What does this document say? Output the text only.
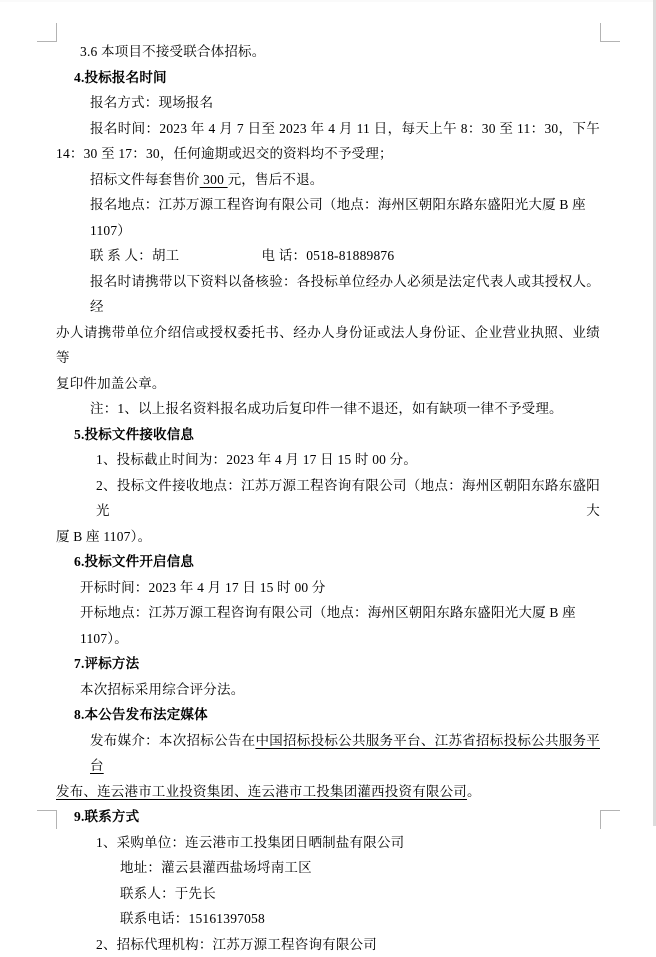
3.6 本项目不接受联合体招标。
4.投标报名时间
报名方式：现场报名
报名时间：2023 年 4 月 7 日至 2023 年 4 月 11 日，每天上午 8：30 至 11：30，下午
14：30 至 17：30，任何逾期或迟交的资料均不予受理；
招标文件每套售价 300 元，售后不退。
报名地点：江苏万源工程咨询有限公司（地点：海州区朝阳东路东盛阳光大厦 B 座 1107）
联 系 人：胡工　　　　　　电 话：0518-81889876
报名时请携带以下资料以备核验：各投标单位经办人必须是法定代表人或其授权人。经
办人请携带单位介绍信或授权委托书、经办人身份证或法人身份证、企业营业执照、业绩等
复印件加盖公章。
注：1、以上报名资料报名成功后复印件一律不退还，如有缺项一律不予受理。
5.投标文件接收信息
1、投标截止时间为：2023 年 4 月 17 日 15 时 00 分。
2、投标文件接收地点：江苏万源工程咨询有限公司（地点：海州区朝阳东路东盛阳光大
厦 B 座 1107）。
6.投标文件开启信息
开标时间：2023 年 4 月 17 日 15 时 00 分
开标地点：江苏万源工程咨询有限公司（地点：海州区朝阳东路东盛阳光大厦 B 座 1107）。
7.评标方法
本次招标采用综合评分法。
8.本公告发布法定媒体
发布媒介：本次招标公告在中国招标投标公共服务平台、江苏省招标投标公共服务平台
发布、连云港市工业投资集团、连云港市工投集团灌西投资有限公司。
9.联系方式
1、采购单位：连云港市工投集团日晒制盐有限公司
地址：灌云县灌西盐场埒南工区
联系人：于先长
联系电话：15161397058
2、招标代理机构：江苏万源工程咨询有限公司
